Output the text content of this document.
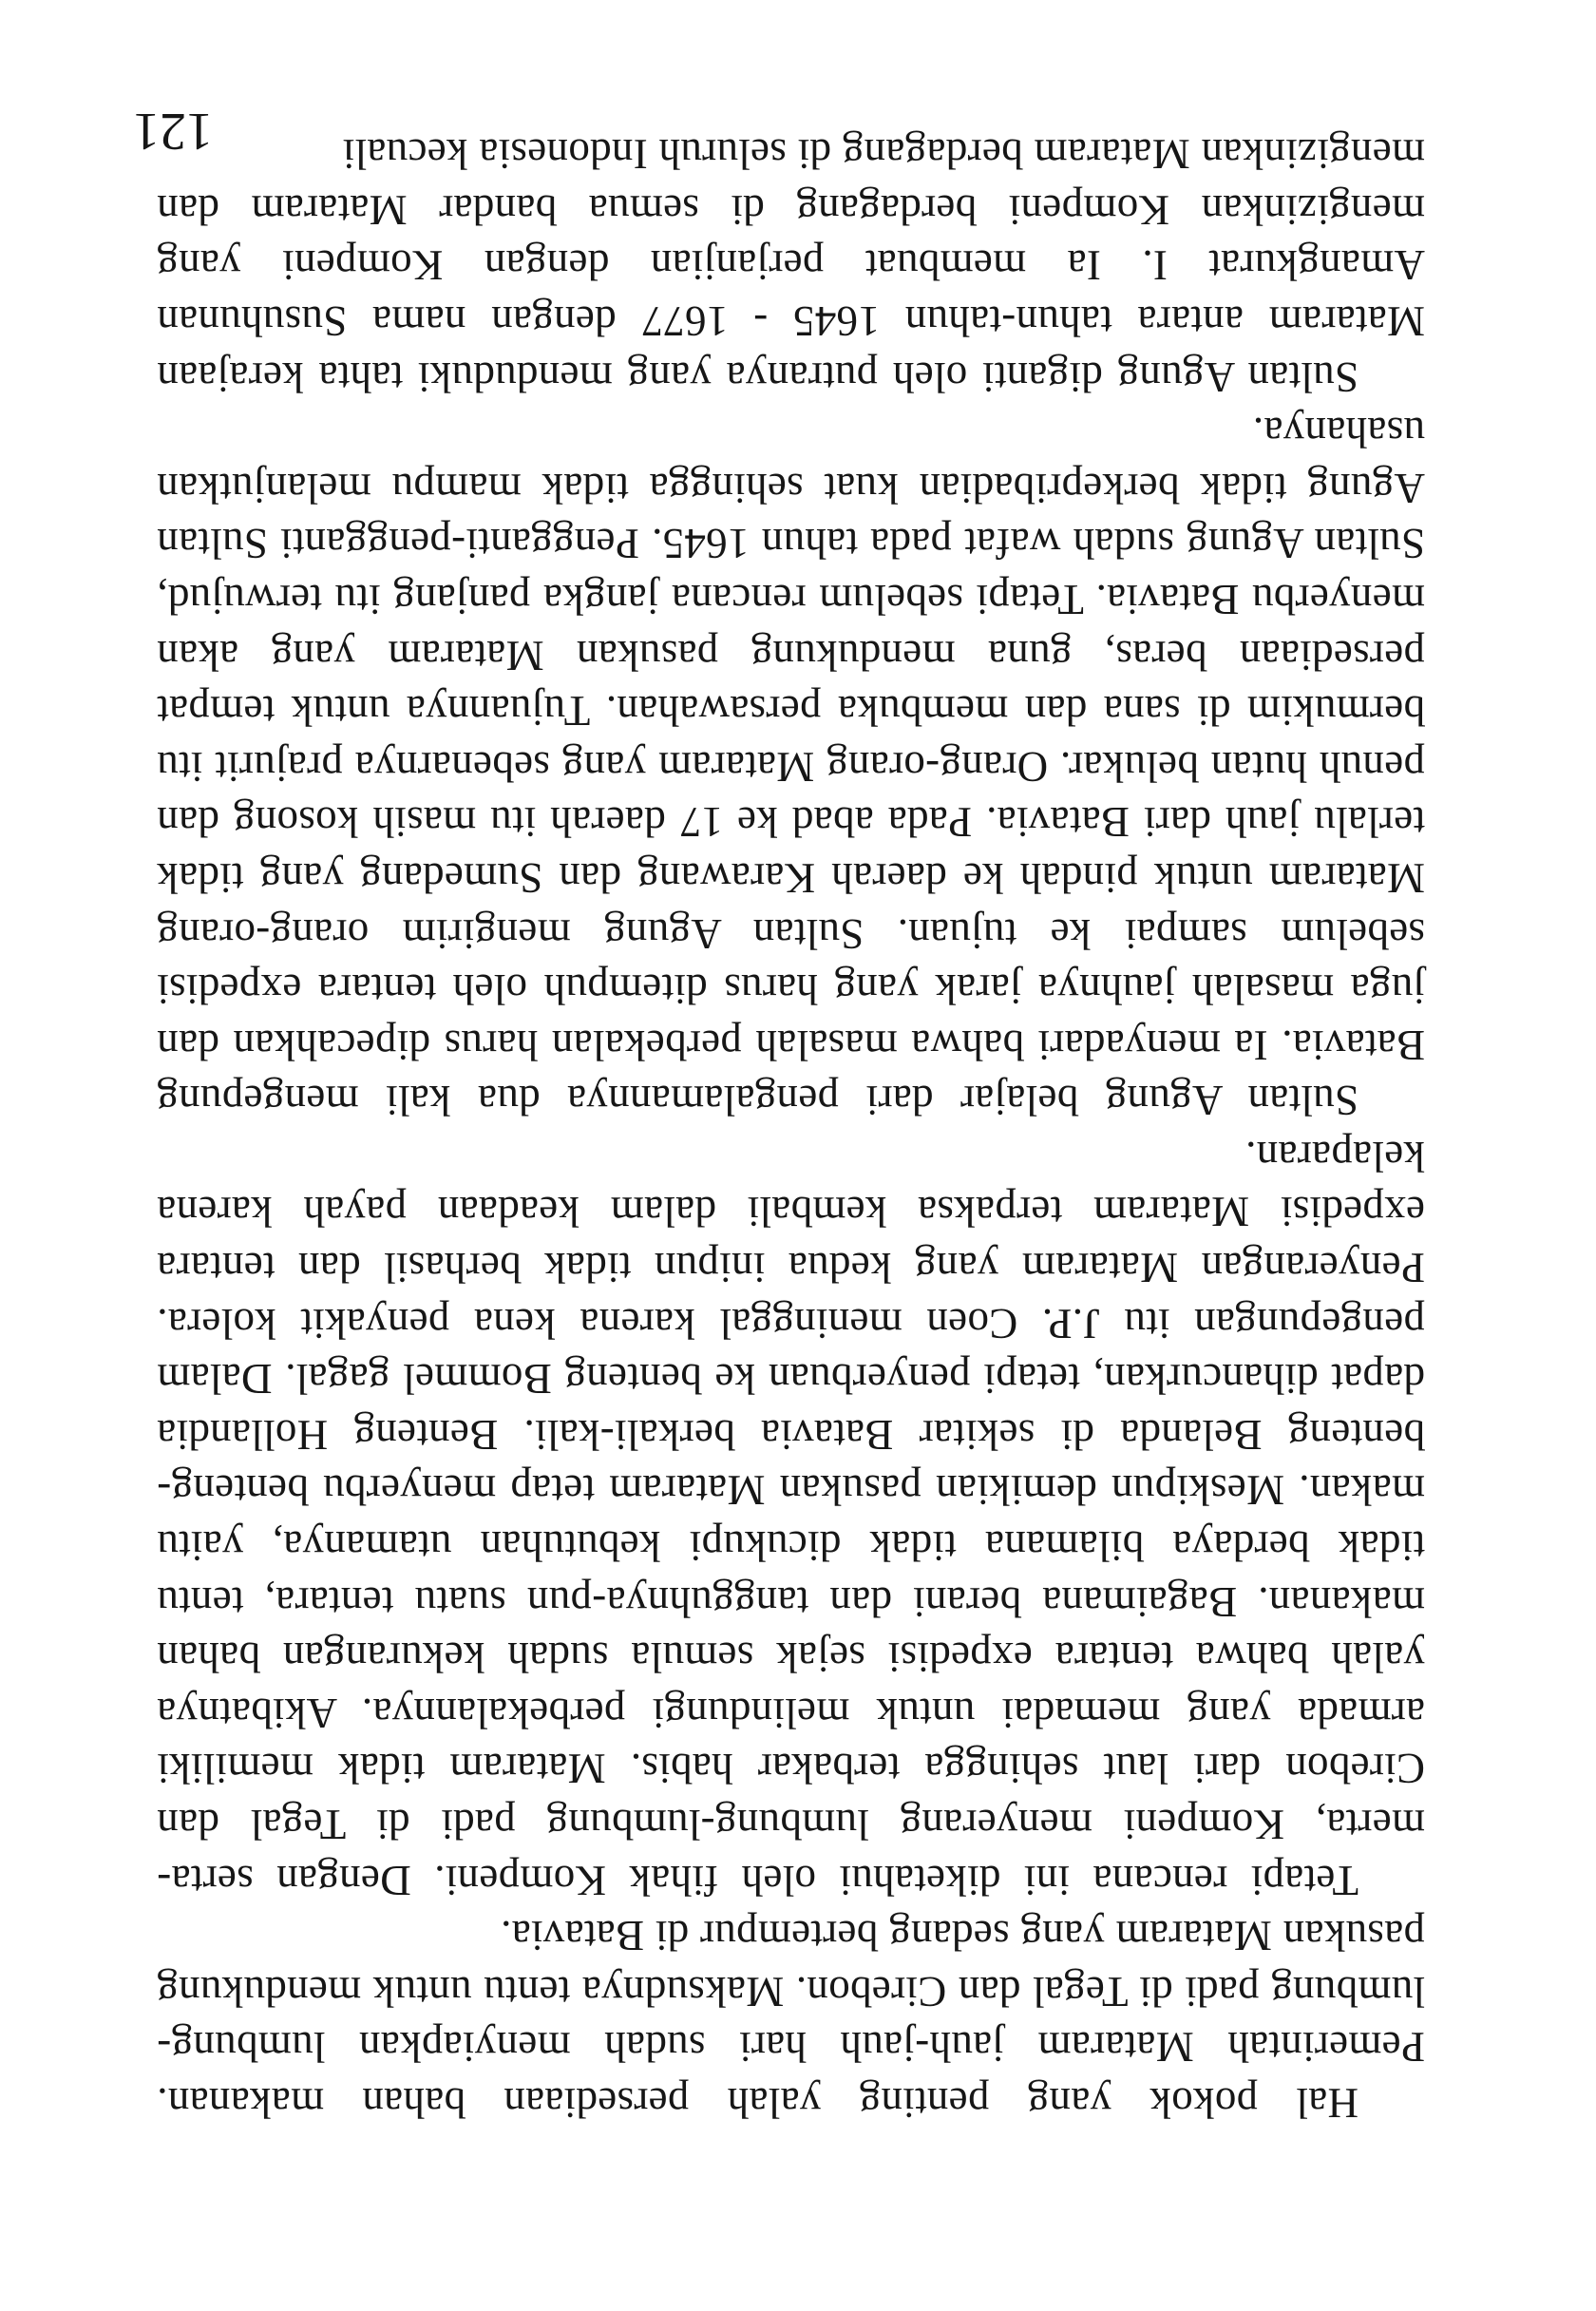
Hal pokok yang penting yalah persediaan bahan makanan. Pemerintah Mataram jauh-jauh hari sudah menyiapkan lumbung-lumbung padi di Tegal dan Cirebon. Maksudnya tentu untuk mendukung pasukan Mataram yang sedang bertempur di Batavia.

Tetapi rencana ini diketahui oleh fihak Kompeni. Dengan serta-merta, Kompeni menyerang lumbung-lumbung padi di Tegal dan Cirebon dari laut sehingga terbakar habis. Mataram tidak memiliki armada yang memadai untuk melindungi perbekalannya. Akibatnya yalah bahwa tentara expedisi sejak semula sudah kekurangan bahan makanan. Bagaimana berani dan tangguhnya-pun suatu tentara, tentu tidak berdaya bilamana tidak dicukupi kebutuhan utamanya, yaitu makan. Meskipun demikian pasukan Mataram tetap menyerbu benteng-benteng Belanda di sekitar Batavia berkali-kali. Benteng Hollandia dapat dihancurkan, tetapi penyerbuan ke benteng Bommel gagal. Dalam pengepungan itu J.P. Coen meninggal karena kena penyakit kolera. Penyerangan Mataram yang kedua inipun tidak berhasil dan tentara expedisi Mataram terpaksa kembali dalam keadaan payah karena kelaparan.

Sultan Agung belajar dari pengalamannya dua kali mengepung Batavia. Ia menyadari bahwa masalah perbekalan harus dipecahkan dan juga masalah jauhnya jarak yang harus ditempuh oleh tentara expedisi sebelum sampai ke tujuan. Sultan Agung mengirim orang-orang Mataram untuk pindah ke daerah Karawang dan Sumedang yang tidak terlalu jauh dari Batavia. Pada abad ke 17 daerah itu masih kosong dan penuh hutan belukar. Orang-orang Mataram yang sebenarnya prajurit itu bermukim di sana dan membuka persawahan. Tujuannya untuk tempat persediaan beras, guna mendukung pasukan Mataram yang akan menyerbu Batavia. Tetapi sebelum rencana jangka panjang itu terwujud, Sultan Agung sudah wafat pada tahun 1645. Pengganti-pengganti Sultan Agung tidak berkepribadian kuat sehingga tidak mampu melanjutkan usahanya.

Sultan Agung diganti oleh putranya yang menduduki tahta kerajaan Mataram antara tahun-tahun 1645 - 1677 dengan nama Susuhunan Amangkurat I. Ia membuat perjanjian dengan Kompeni yang mengizinkan Kompeni berdagang di semua bandar Mataram dan mengizinkan Mataram berdagang di seluruh Indonesia kecuali

121
